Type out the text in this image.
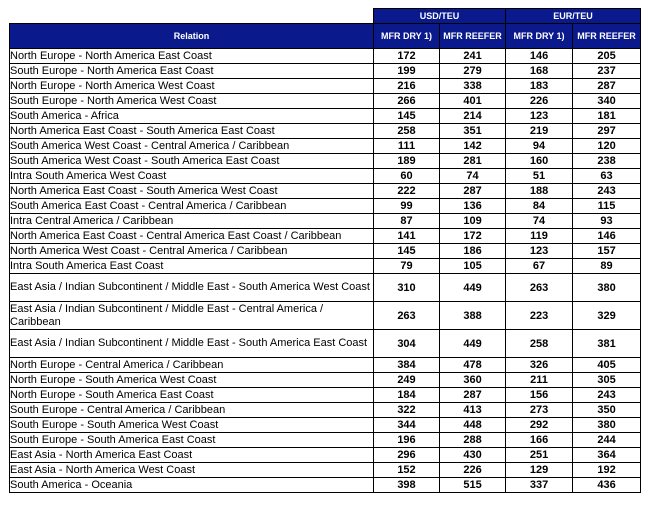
	USD/TEU		EUR/TEU	
Relation	MFR DRY 1)	MFR REEFER	MFR DRY 1)	MFR REEFER
North Europe - North America East Coast	172	241	146	205
South Europe - North America East Coast	199	279	168	237
North Europe - North America West Coast	216	338	183	287
South Europe - North America West Coast	266	401	226	340
South America - Africa	145	214	123	181
North America East Coast - South America East Coast	258	351	219	297
South America West Coast - Central America / Caribbean	111	142	94	120
South America West Coast - South America East Coast	189	281	160	238
Intra South America West Coast	60	74	51	63
North America East Coast - South America West Coast	222	287	188	243
South America East Coast - Central America / Caribbean	99	136	84	115
Intra Central America / Caribbean	87	109	74	93
North America East Coast - Central America East Coast / Caribbean	141	172	119	146
North America West Coast - Central America / Caribbean	145	186	123	157
Intra South America East Coast	79	105	67	89
East Asia / Indian Subcontinent / Middle East - South America West Coast	310	449	263	380
East Asia / Indian Subcontinent / Middle East - Central America / Caribbean	263	388	223	329
East Asia / Indian Subcontinent / Middle East - South America East Coast	304	449	258	381
North Europe - Central America / Caribbean	384	478	326	405
North Europe - South America West Coast	249	360	211	305
North Europe - South America East Coast	184	287	156	243
South Europe - Central America / Caribbean	322	413	273	350
South Europe - South America West Coast	344	448	292	380
South Europe - South America East Coast	196	288	166	244
East Asia - North America East Coast	296	430	251	364
East Asia - North America West Coast	152	226	129	192
South America - Oceania	398	515	337	436
